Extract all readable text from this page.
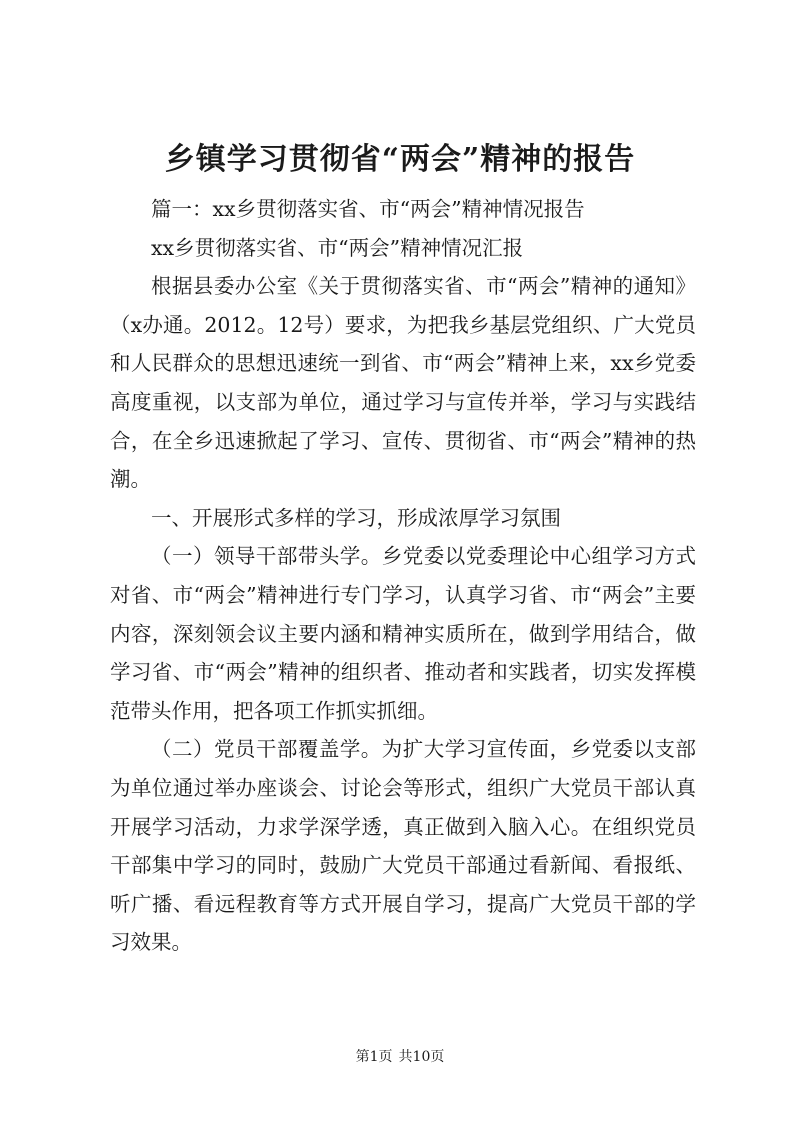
乡镇学习贯彻省“两会”精神的报告

篇一：xx乡贯彻落实省、市“两会”精神情况报告

xx乡贯彻落实省、市“两会”精神情况汇报

根据县委办公室《关于贯彻落实省、市“两会”精神的通知》（x办通。2012。12号）要求，为把我乡基层党组织、广大党员和人民群众的思想迅速统一到省、市“两会”精神上来，xx乡党委高度重视，以支部为单位，通过学习与宣传并举，学习与实践结合，在全乡迅速掀起了学习、宣传、贯彻省、市“两会”精神的热潮。

一、开展形式多样的学习，形成浓厚学习氛围

（一）领导干部带头学。乡党委以党委理论中心组学习方式对省、市“两会”精神进行专门学习，认真学习省、市“两会”主要内容，深刻领会议主要内涵和精神实质所在，做到学用结合，做学习省、市“两会”精神的组织者、推动者和实践者，切实发挥模范带头作用，把各项工作抓实抓细。

（二）党员干部覆盖学。为扩大学习宣传面，乡党委以支部为单位通过举办座谈会、讨论会等形式，组织广大党员干部认真开展学习活动，力求学深学透，真正做到入脑入心。在组织党员干部集中学习的同时，鼓励广大党员干部通过看新闻、看报纸、听广播、看远程教育等方式开展自学习，提高广大党员干部的学习效果。

第1页 共10页
